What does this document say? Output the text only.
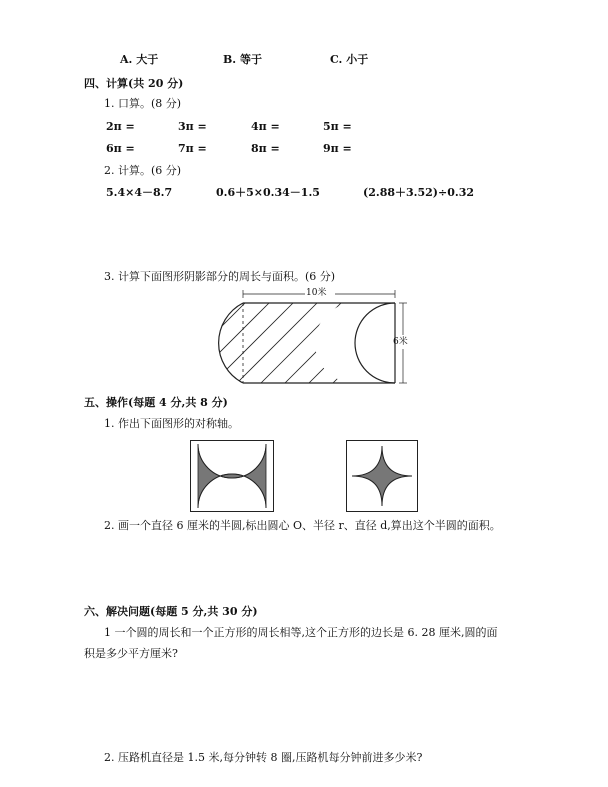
A. 大于	B. 等于	C. 小于
四、计算(共 20 分)
1. 口算。(8 分)
2π =	3π =	4π =	5π =
6π =	7π =	8π =	9π =
2. 计算。(6 分)
5.4×4－8.7	0.6＋5×0.34－1.5	(2.88＋3.52)÷0.32
3. 计算下面图形阴影部分的周长与面积。(6 分)
10米
6米
五、操作(每题 4 分,共 8 分)
1. 作出下面图形的对称轴。
2. 画一个直径 6 厘米的半圆,标出圆心 O、半径 r、直径 d,算出这个半圆的面积。
六、解决问题(每题 5 分,共 30 分)
1 一个圆的周长和一个正方形的周长相等,这个正方形的边长是 6. 28 厘米,圆的面
积是多少平方厘米?
2. 压路机直径是 1.5 米,每分钟转 8 圈,压路机每分钟前进多少米?
